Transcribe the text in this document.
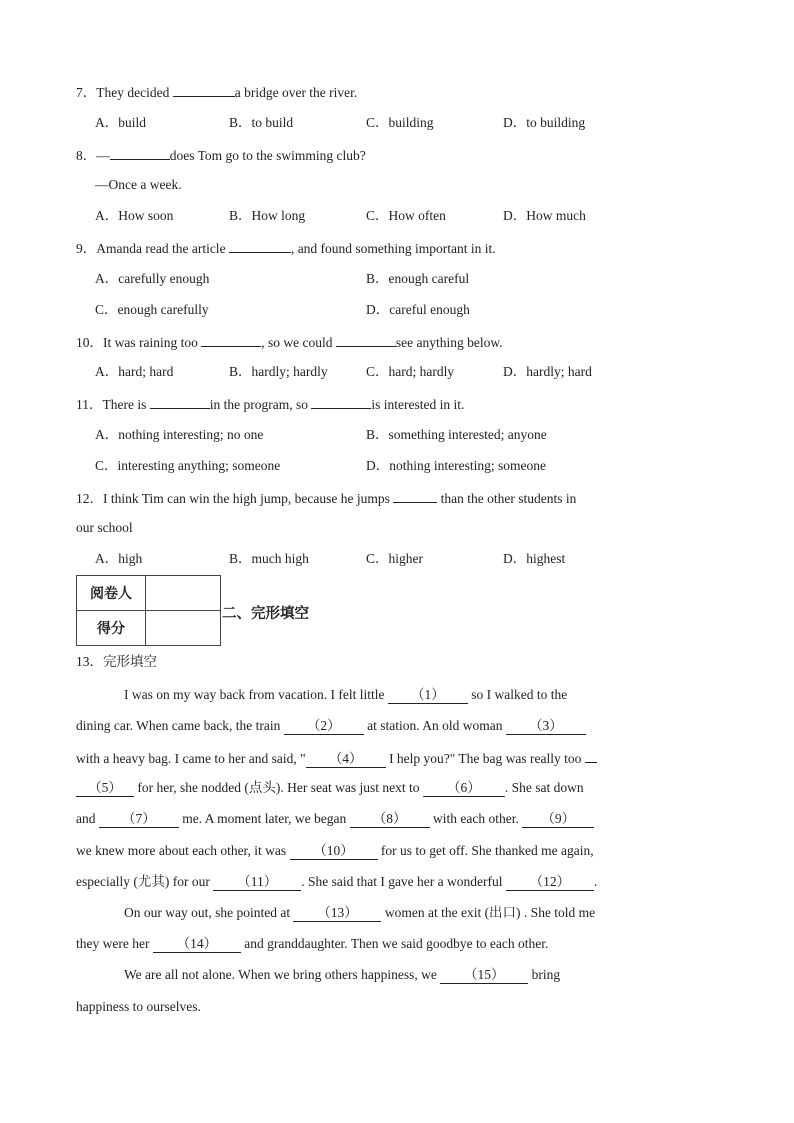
7．They decided	a bridge over the river.
A．build	B．to build	C．building	D．to building
8．—	does Tom go to the swimming club?
—Once a week.
A．How soon	B．How long	C．How often	D．How much
9．Amanda read the article	, and found something important in it.
A．carefully enough	B．enough careful
C．enough carefully	D．careful enough
10．It was raining too	, so we could	see anything below.
A．hard; hard	B．hardly; hardly	C．hard; hardly	D．hardly; hard
11．There is	in the program, so	is interested in it.
A．nothing interesting; no one	B．something interested; anyone
C．interesting anything; someone	D．nothing interesting; someone
12．I think Tim can win the high jump, because he jumps	than the other students in
our school
A．high	B．much high	C．higher	D．highest
阅卷人	
得分	
二、完形填空
13．完形填空
I was on my way back from vacation. I felt little （1） so I walked to the
dining car. When came back, the train （2） at station. An old woman （3）
with a heavy bag. I came to her and said, " （4） I help you?" The bag was really too
（5） for her, she nodded (点头). Her seat was just next to （6） . She sat down
and （7） me. A moment later, we began （8） with each other. （9）
we knew more about each other, it was （10） for us to get off. She thanked me again,
especially (尤其) for our （11） . She said that I gave her a wonderful （12） .
On our way out, she pointed at （13） women at the exit (出口) . She told me
they were her （14） and granddaughter. Then we said goodbye to each other.
We are all not alone. When we bring others happiness, we （15） bring
happiness to ourselves.
